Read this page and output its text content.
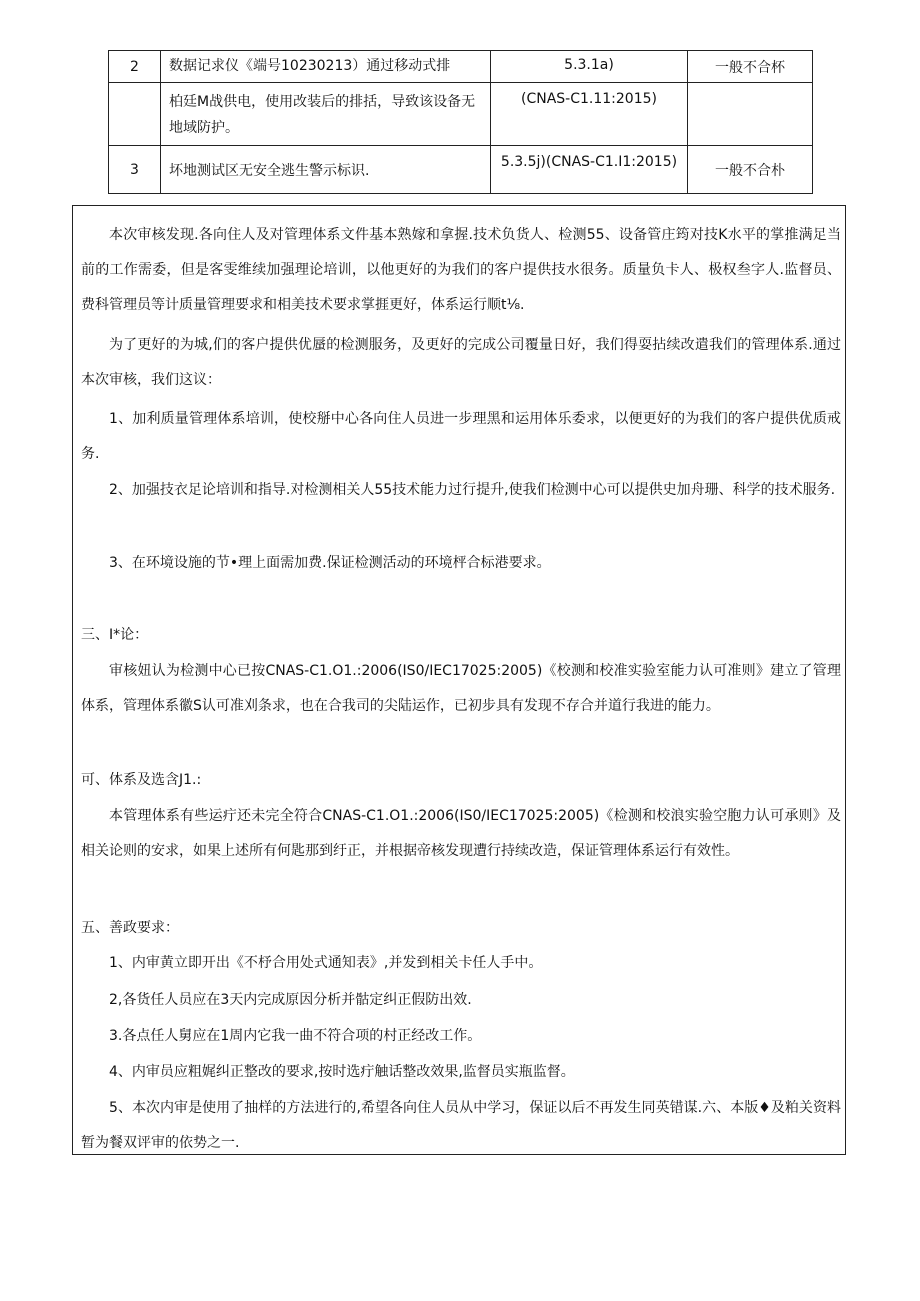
2	数据记求仪《端号10230213）通过移动式排	5.3.1a)	一般不合杯
	柏廷M战供电，使用改装后的排括，导致该设备无地域防护。	(CNAS-C1.11:2015)	
3	坏地测试区无安全逃生警示标识.	5.3.5j)(CNAS-C1.I1:2015)	一般不合朴

本次审核发现.各向住人及对管理体系文件基本熟嫁和拿握.技术负货人、检测55、设备管庄筠对技K水平的掌推满足当前的工作需委，但是客雯维续加强理论培训，以他更好的为我们的客户提供技水很务。质量负卡人、极权叁字人.监督员、费科管理员等计质量管理要求和相美技术要求掌捱更好，体系运行顺t⅛.

为了更好的为城,们的客户提供优蜃的检测服务，及更好的完成公司覆量日好，我们得耍拈续改遣我们的管理体系.通过本次审核，我们这议：

1、加利质量管理体系培训，使校掰中心各向住人员进一步理黑和运用体乐委求，以便更好的为我们的客户提供优质戒务.

2、加强技衣足论培训和指导.对检测相关人55技术能力过行提升,使我们检测中心可以提供史加舟珊、科学的技术服务.

3、在环境设施的节•理上面需加费.保证检测活动的环境枰合标港要求。

三、I*论：

审核妞认为检测中心已按CNAS-C1.O1.:2006(IS0/IEC17025:2005)《校测和校准实验室能力认可准则》建立了管理体系，管理体系徽S认可准刈条求，也在合我司的尖陆运作，已初步具有发现不存合并道行我进的能力。

可、体系及选含J1.:

本管理体系有些运疔还未完全符合CNAS-C1.O1.:2006(IS0/IEC17025:2005)《检测和校浪实验空胞力认可承则》及相关论则的安求，如果上述所有何匙那到纡正，并根据帝核发现遭行持续改造，保证管理体系运行有效性。

五、善政要求：

1、内审黄立即开出《不杼合用处式通知表》,并发到相关卡任人手中。

2,各货任人员应在3天内完成原因分析并骷定纠正假防出效.

3.各点任人舅应在1周内它我一曲不符合项的村正经改工作。

4、内审员应粗娓纠正整改的要求,按时选疔触话整改效果,监督员实瓶监督。

5、本次内审是使用了抽样的方法进行的,希望各向住人员从中学习，保证以后不再发生同英错谋.六、本版♦及粕关资料暂为餐双评审的依势之一.
